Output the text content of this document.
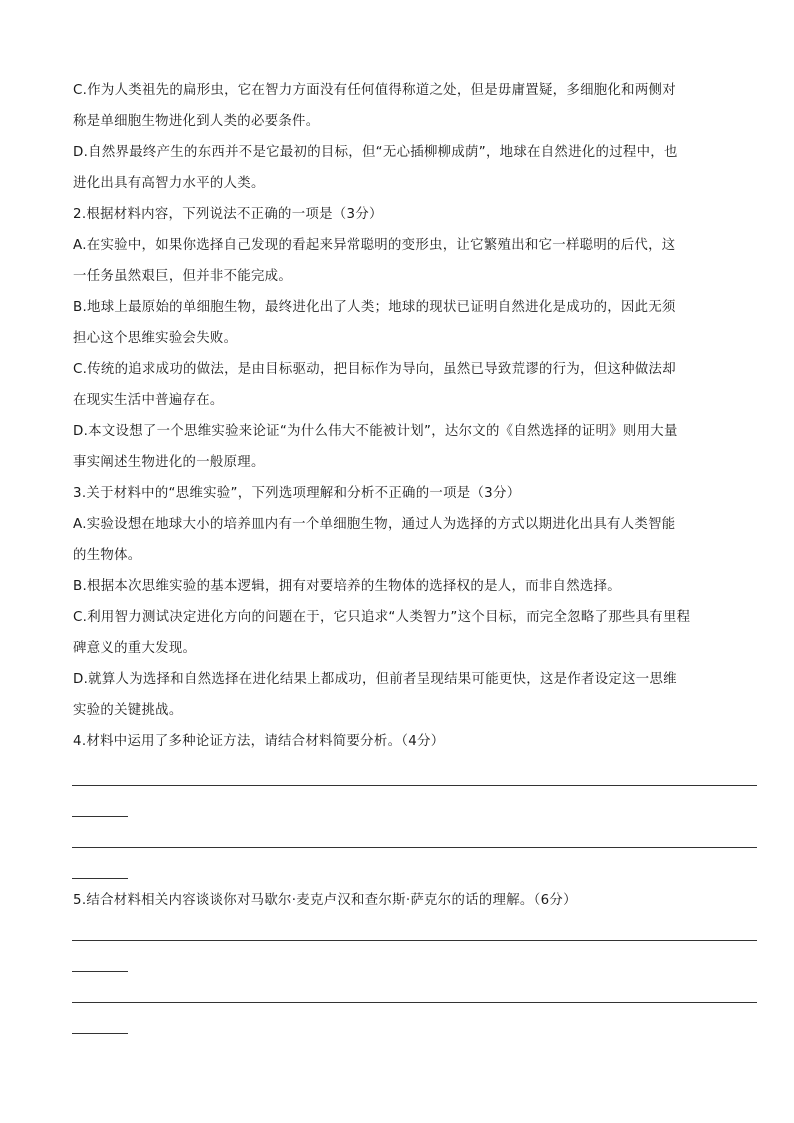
C.作为人类祖先的扁形虫，它在智力方面没有任何值得称道之处，但是毋庸置疑，多细胞化和两侧对
称是单细胞生物进化到人类的必要条件。
D.自然界最终产生的东西并不是它最初的目标，但“无心插柳柳成荫”，地球在自然进化的过程中，也
进化出具有高智力水平的人类。
2.根据材料内容，下列说法不正确的一项是（3分）
A.在实验中，如果你选择自己发现的看起来异常聪明的变形虫，让它繁殖出和它一样聪明的后代，这
一任务虽然艰巨，但并非不能完成。
B.地球上最原始的单细胞生物，最终进化出了人类；地球的现状已证明自然进化是成功的，因此无须
担心这个思维实验会失败。
C.传统的追求成功的做法，是由目标驱动，把目标作为导向，虽然已导致荒谬的行为，但这种做法却
在现实生活中普遍存在。
D.本文设想了一个思维实验来论证“为什么伟大不能被计划”，达尔文的《自然选择的证明》则用大量
事实阐述生物进化的一般原理。
3.关于材料中的“思维实验”，下列选项理解和分析不正确的一项是（3分）
A.实验设想在地球大小的培养皿内有一个单细胞生物，通过人为选择的方式以期进化出具有人类智能
的生物体。
B.根据本次思维实验的基本逻辑，拥有对要培养的生物体的选择权的是人，而非自然选择。
C.利用智力测试决定进化方向的问题在于，它只追求“人类智力”这个目标，而完全忽略了那些具有里程
碑意义的重大发现。
D.就算人为选择和自然选择在进化结果上都成功，但前者呈现结果可能更快，这是作者设定这一思维
实验的关键挑战。
4.材料中运用了多种论证方法，请结合材料简要分析。（4分）
5.结合材料相关内容谈谈你对马歇尔·麦克卢汉和查尔斯·萨克尔的话的理解。（6分）
